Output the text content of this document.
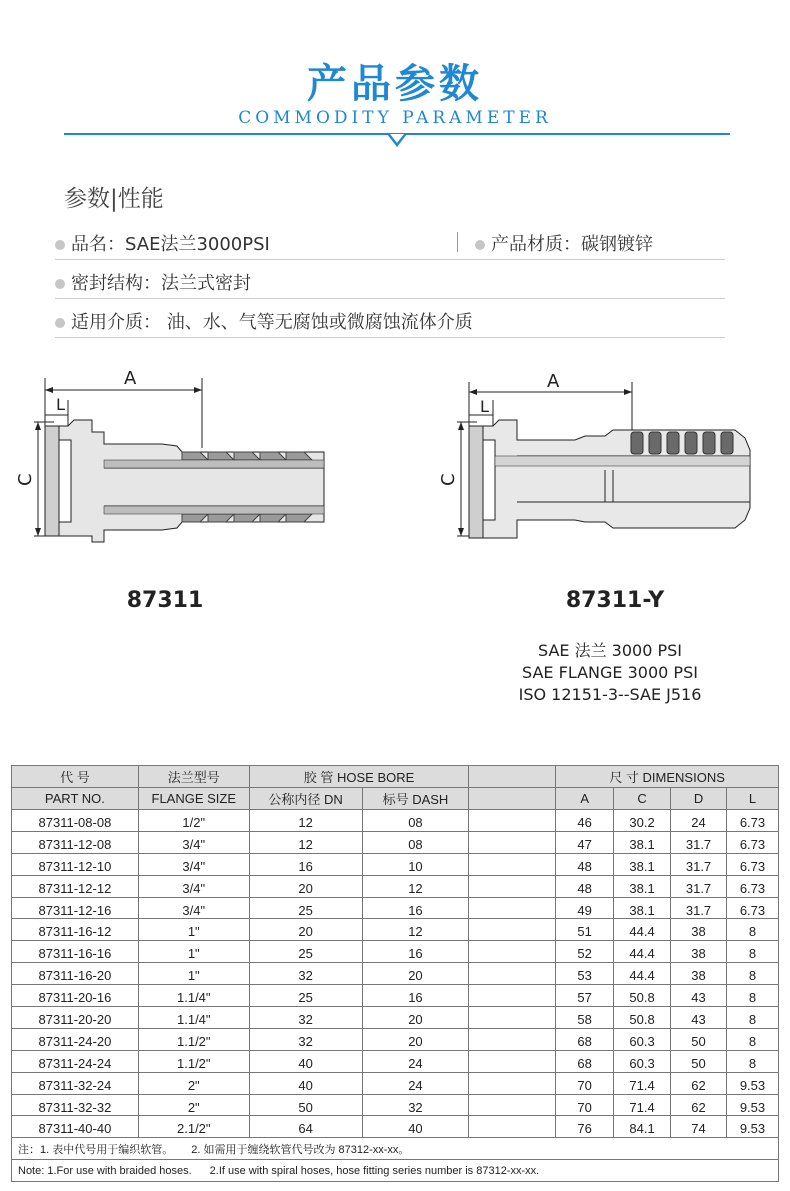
产品参数
COMMODITY PARAMETER
参数|性能
品名：SAE法兰3000PSI	产品材质：碳钢镀锌
密封结构：法兰式密封
适用介质： 油、水、气等无腐蚀或微腐蚀流体介质
A
L
C
87311
A
L
C
87311-Y
SAE 法兰 3000 PSI
SAE FLANGE 3000 PSI
ISO 12151-3--SAE J516
代 号	法兰型号	胶 管 HOSE BORE			尺 寸 DIMENSIONS			
PART NO.	FLANGE SIZE	公称内径 DN	标号 DASH		A	C	D	L
87311-08-08	1/2"	12	08		46	30.2	24	6.73
87311-12-08	3/4"	12	08		47	38.1	31.7	6.73
87311-12-10	3/4"	16	10		48	38.1	31.7	6.73
87311-12-12	3/4"	20	12		48	38.1	31.7	6.73
87311-12-16	3/4"	25	16		49	38.1	31.7	6.73
87311-16-12	1"	20	12		51	44.4	38	8
87311-16-16	1"	25	16		52	44.4	38	8
87311-16-20	1"	32	20		53	44.4	38	8
87311-20-16	1.1/4"	25	16		57	50.8	43	8
87311-20-20	1.1/4"	32	20		58	50.8	43	8
87311-24-20	1.1/2"	32	20		68	60.3	50	8
87311-24-24	1.1/2"	40	24		68	60.3	50	8
87311-32-24	2"	40	24		70	71.4	62	9.53
87311-32-32	2"	50	32		70	71.4	62	9.53
87311-40-40	2.1/2"	64	40		76	84.1	74	9.53
注：1. 表中代号用于编织软管。 2. 如需用于缠绕软管代号改为 87312-xx-xx。								
Note: 1.For use with braided hoses. 2.If use with spiral hoses, hose fitting series number is 87312-xx-xx.								
